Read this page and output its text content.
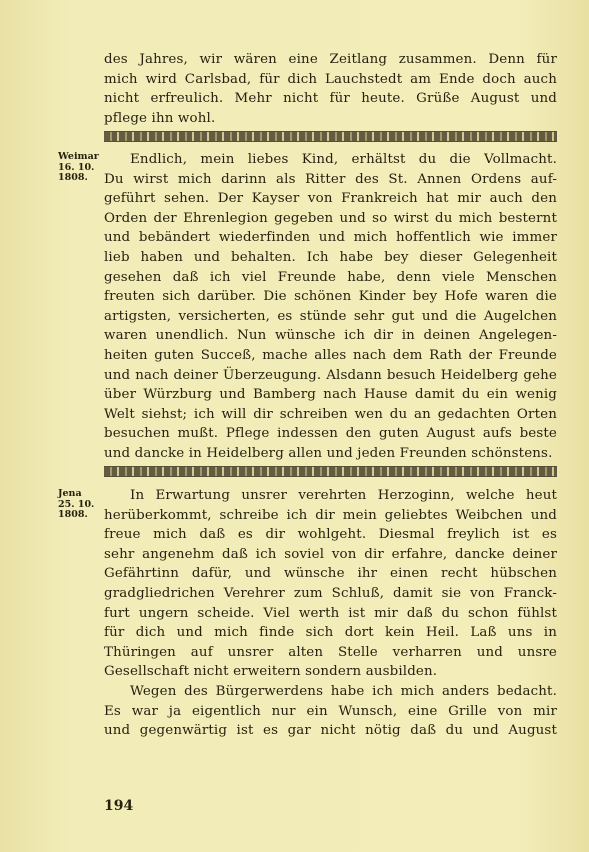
des Jahres, wir wären eine Zeitlang zusammen. Denn für
mich wird Carlsbad, für dich Lauchstedt am Ende doch auch
nicht erfreulich. Mehr nicht für heute. Grüße August und
pflege ihn wohl.
Weimar
16. 10.
1808.
Endlich, mein liebes Kind, erhältst du die Vollmacht.
Du wirst mich darinn als Ritter des St. Annen Ordens auf-
geführt sehen. Der Kayser von Frankreich hat mir auch den
Orden der Ehrenlegion gegeben und so wirst du mich besternt
und bebändert wiederfinden und mich hoffentlich wie immer
lieb haben und behalten. Ich habe bey dieser Gelegenheit
gesehen daß ich viel Freunde habe, denn viele Menschen
freuten sich darüber. Die schönen Kinder bey Hofe waren die
artigsten, versicherten, es stünde sehr gut und die Augelchen
waren unendlich. Nun wünsche ich dir in deinen Angelegen-
heiten guten Succeß, mache alles nach dem Rath der Freunde
und nach deiner Überzeugung. Alsdann besuch Heidelberg gehe
über Würzburg und Bamberg nach Hause damit du ein wenig
Welt siehst; ich will dir schreiben wen du an gedachten Orten
besuchen mußt. Pflege indessen den guten August aufs beste
und dancke in Heidelberg allen und jeden Freunden schönstens.
Jena
25. 10.
1808.
In Erwartung unsrer verehrten Herzoginn, welche heut
herüberkommt, schreibe ich dir mein geliebtes Weibchen und
freue mich daß es dir wohlgeht. Diesmal freylich ist es
sehr angenehm daß ich soviel von dir erfahre, dancke deiner
Gefährtinn dafür, und wünsche ihr einen recht hübschen
gradgliedrichen Verehrer zum Schluß, damit sie von Franck-
furt ungern scheide. Viel werth ist mir daß du schon fühlst
für dich und mich finde sich dort kein Heil. Laß uns in
Thüringen auf unsrer alten Stelle verharren und unsre
Gesellschaft nicht erweitern sondern ausbilden.
Wegen des Bürgerwerdens habe ich mich anders bedacht.
Es war ja eigentlich nur ein Wunsch, eine Grille von mir
und gegenwärtig ist es gar nicht nötig daß du und August
194
